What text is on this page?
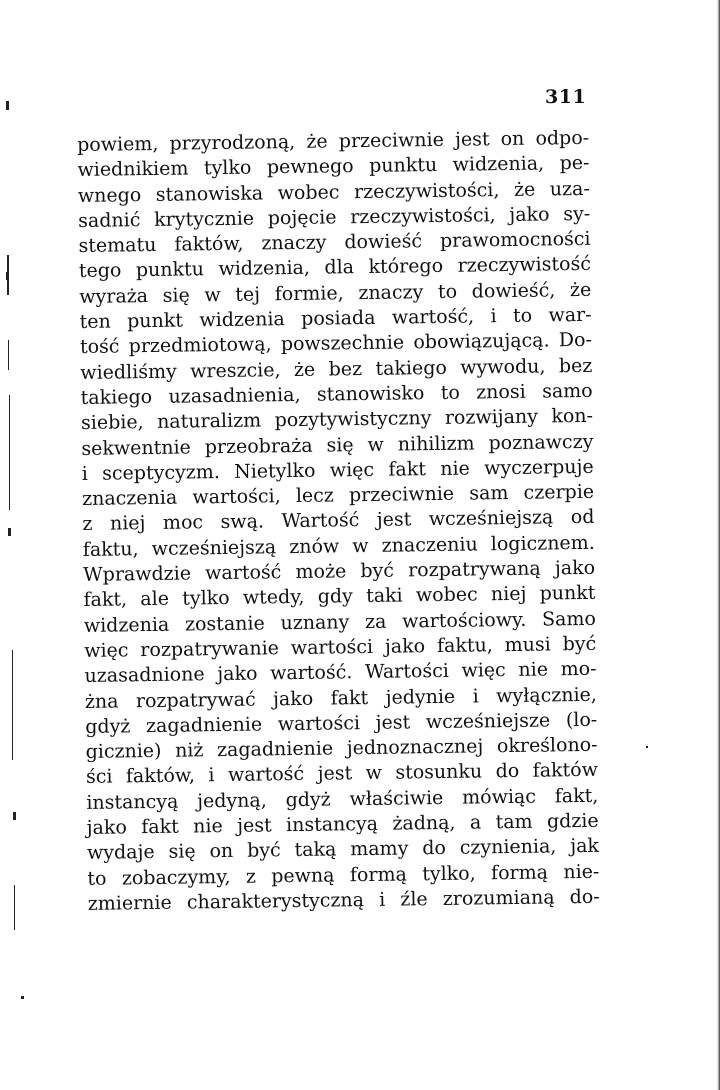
311
powiem, przyrodzoną, że przeciwnie jest on odpo-
wiednikiem tylko pewnego punktu widzenia, pe-
wnego stanowiska wobec rzeczywistości, że uza-
sadnić krytycznie pojęcie rzeczywistości, jako sy-
stematu faktów, znaczy dowieść prawomocności
tego punktu widzenia, dla którego rzeczywistość
wyraża się w tej formie, znaczy to dowieść, że
ten punkt widzenia posiada wartość, i to war-
tość przedmiotową, powszechnie obowiązującą. Do-
wiedliśmy wreszcie, że bez takiego wywodu, bez
takiego uzasadnienia, stanowisko to znosi samo
siebie, naturalizm pozytywistyczny rozwijany kon-
sekwentnie przeobraża się w nihilizm poznawczy
i sceptycyzm. Nietylko więc fakt nie wyczerpuje
znaczenia wartości, lecz przeciwnie sam czerpie
z niej moc swą. Wartość jest wcześniejszą od
faktu, wcześniejszą znów w znaczeniu logicznem.
Wprawdzie wartość może być rozpatrywaną jako
fakt, ale tylko wtedy, gdy taki wobec niej punkt
widzenia zostanie uznany za wartościowy. Samo
więc rozpatrywanie wartości jako faktu, musi być
uzasadnione jako wartość. Wartości więc nie mo-
żna rozpatrywać jako fakt jedynie i wyłącznie,
gdyż zagadnienie wartości jest wcześniejsze (lo-
gicznie) niż zagadnienie jednoznacznej określono-
ści faktów, i wartość jest w stosunku do faktów
instancyą jedyną, gdyż właściwie mówiąc fakt,
jako fakt nie jest instancyą żadną, a tam gdzie
wydaje się on być taką mamy do czynienia, jak
to zobaczymy, z pewną formą tylko, formą nie-
zmiernie charakterystyczną i źle zrozumianą do-
